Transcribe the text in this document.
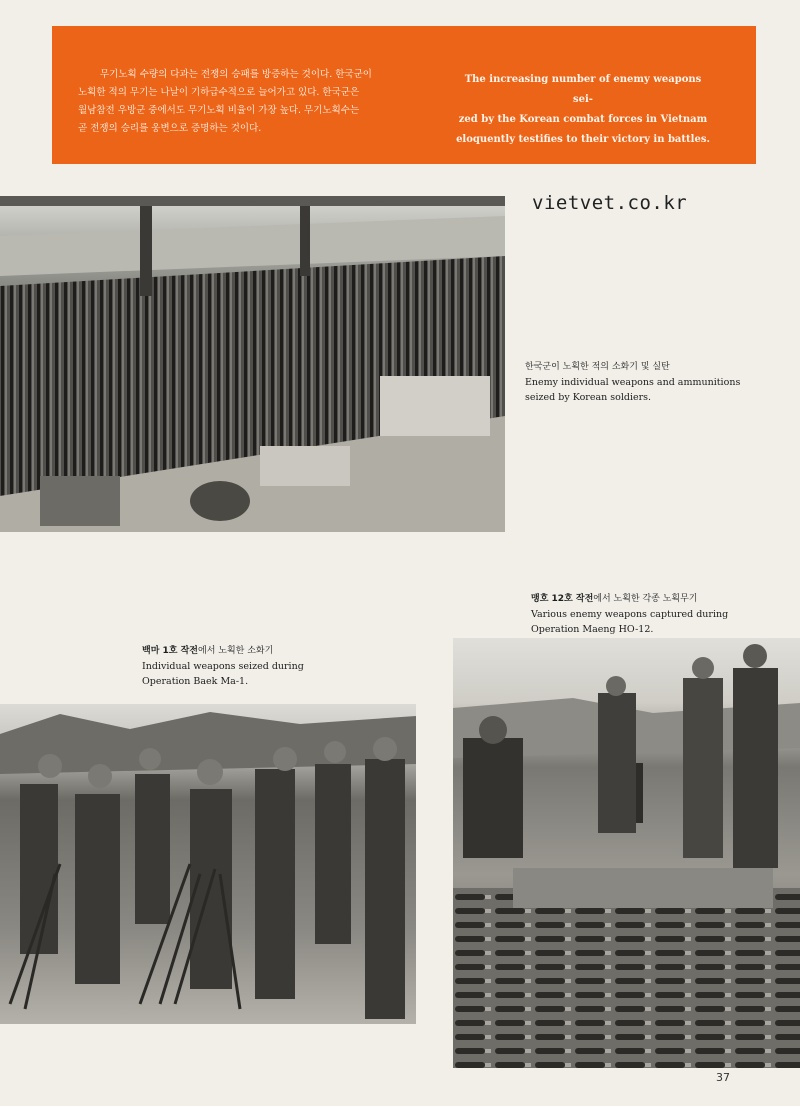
무기노획 수량의 다과는 전쟁의 승패를 방증하는 것이다. 한국군이
노획한 적의 무기는 나날이 기하급수적으로 늘어가고 있다. 한국군은
월남참전 우방군 중에서도 무기노획 비율이 가장 높다. 무기노획수는
곧 전쟁의 승리를 웅변으로 증명하는 것이다.

The increasing number of enemy weapons sei-
zed by the Korean combat forces in Vietnam
eloquently testifies to their victory in battles.

vietvet.co.kr

한국군이 노획한 적의 소화기 및 실탄
Enemy individual weapons and ammunitions
seized by Korean soldiers.

맹호 12호 작전에서 노획한 각종 노획무기
Various enemy weapons captured during
Operation Maeng HO-12.

백마 1호 작전에서 노획한 소화기
Individual weapons seized during
Operation Baek Ma-1.

37
